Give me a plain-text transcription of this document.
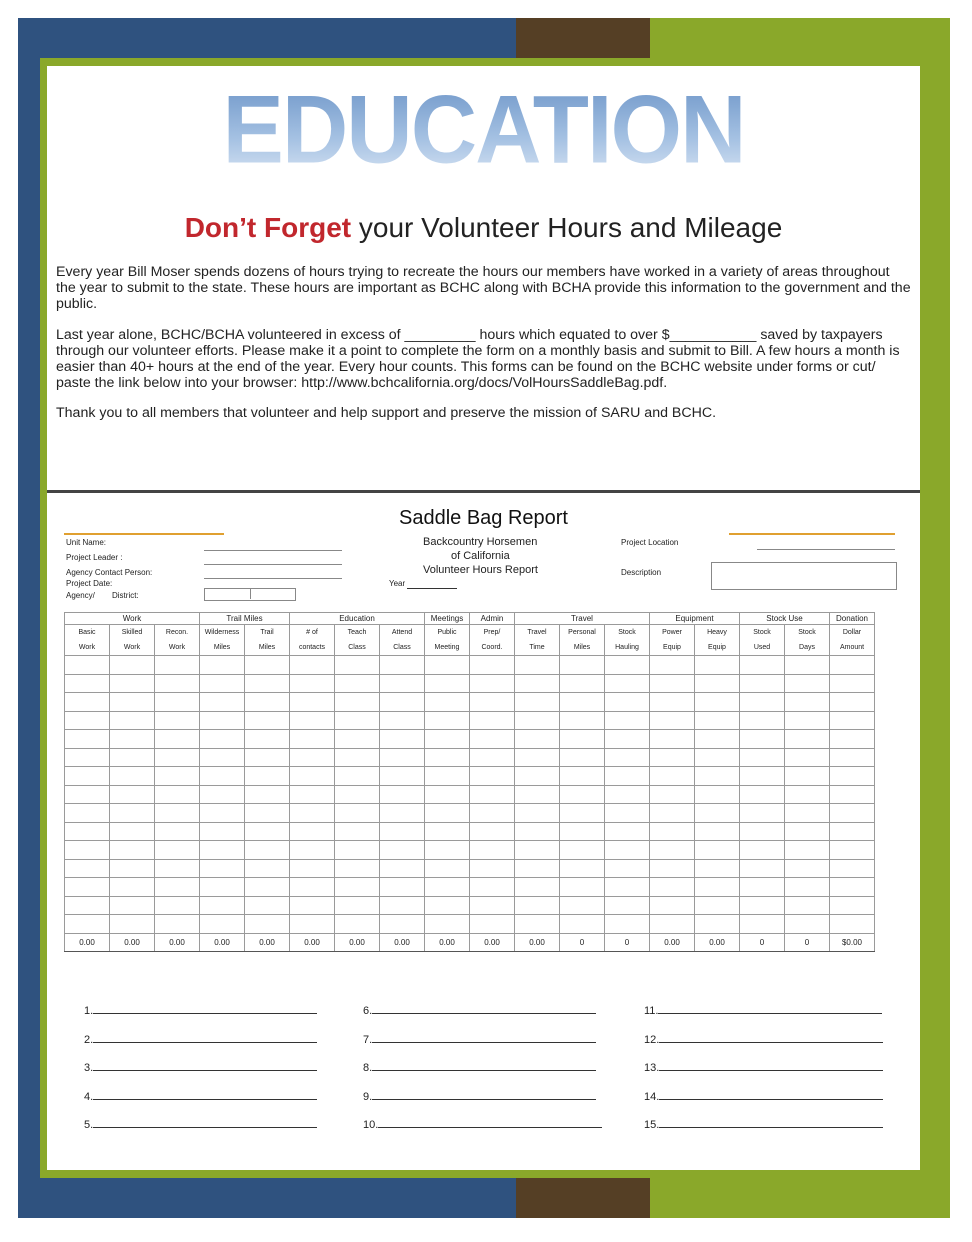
EDUCATION
Don’t Forget your Volunteer Hours and Mileage
Every year Bill Moser spends dozens of hours trying to recreate the hours our members have worked in a variety of areas throughout the year to submit to the state. These hours are important as BCHC along with BCHA provide this information to the government and the public.
Last year alone, BCHC/BCHA volunteered in excess of _________ hours which equated to over $___________ saved by taxpayers through our volunteer efforts. Please make it a point to complete the form on a monthly basis and submit to Bill. A few hours a month is easier than 40+ hours at the end of the year. Every hour counts. This forms can be found on the BCHC website under forms or cut/ paste the link below into your browser: http://www.bchcalifornia.org/docs/VolHoursSaddleBag.pdf.
Thank you to all members that volunteer and help support and preserve the mission of SARU and BCHC.
Saddle Bag Report
Unit Name:
Project Leader :
Agency Contact Person:
Project Date:
Agency/ District:
Backcountry Horsemen
of California
Volunteer Hours Report
Year
Project Location
Description
Work			Trail Miles		Education			Meetings	Admin	Travel			Equipment		Stock Use		Donation
Basic	Skilled	Recon.	Wilderness	Trail	# of	Teach	Attend	Public	Prep/	Travel	Personal	Stock	Power	Heavy	Stock	Stock	Dollar
Work	Work	Work	Miles	Miles	contacts	Class	Class	Meeting	Coord.	Time	Miles	Hauling	Equip	Equip	Used	Days	Amount

0.00	0.00	0.00	0.00	0.00	0.00	0.00	0.00	0.00	0.00	0.00	0	0	0.00	0.00	0	0	$0.00
1.
2.
3.
4.
5.
6.
7.
8.
9.
10.
11.
12.
13.
14.
15.
